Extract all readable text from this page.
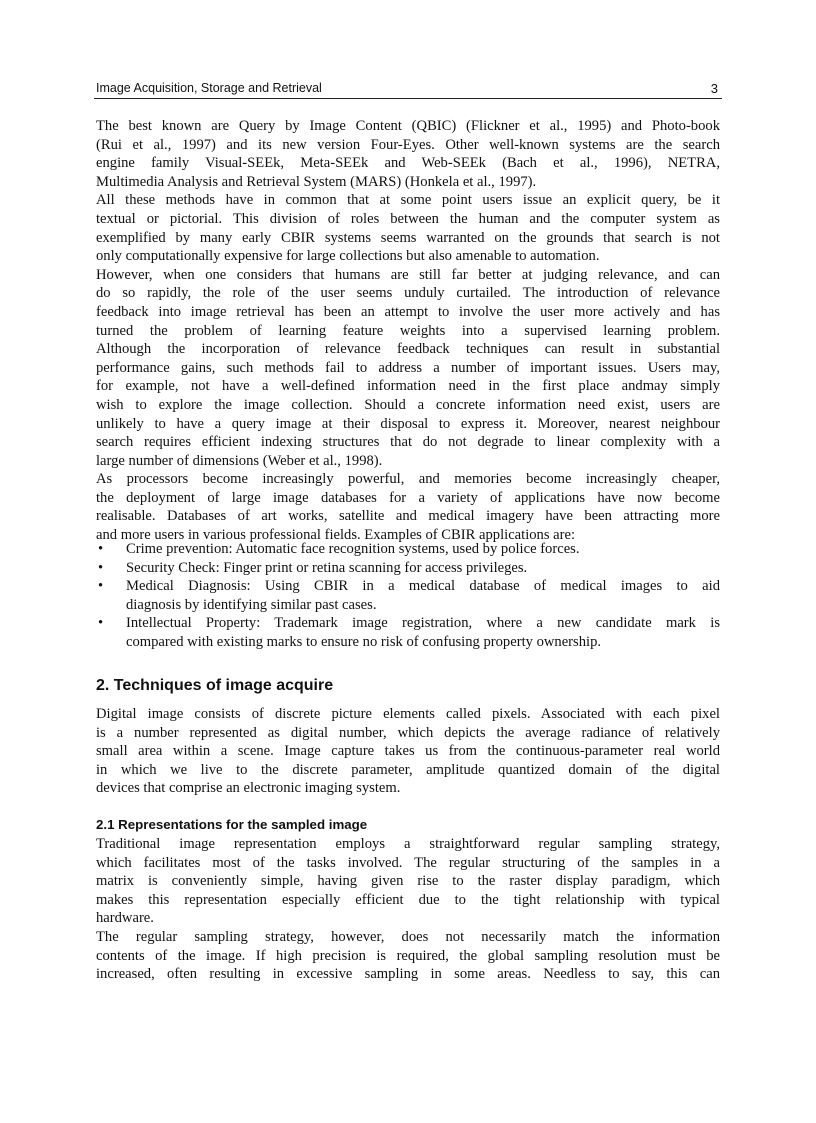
Image Acquisition, Storage and Retrieval	3
The best known are Query by Image Content (QBIC) (Flickner et al., 1995) and Photo-book
(Rui et al., 1997) and its new version Four-Eyes. Other well-known systems are the search
engine family Visual-SEEk, Meta-SEEk and Web-SEEk (Bach et al., 1996), NETRA,
Multimedia Analysis and Retrieval System (MARS) (Honkela et al., 1997).
All these methods have in common that at some point users issue an explicit query, be it
textual or pictorial. This division of roles between the human and the computer system as
exemplified by many early CBIR systems seems warranted on the grounds that search is not
only computationally expensive for large collections but also amenable to automation.
However, when one considers that humans are still far better at judging relevance, and can
do so rapidly, the role of the user seems unduly curtailed. The introduction of relevance
feedback into image retrieval has been an attempt to involve the user more actively and has
turned the problem of learning feature weights into a supervised learning problem.
Although the incorporation of relevance feedback techniques can result in substantial
performance gains, such methods fail to address a number of important issues. Users may,
for example, not have a well-defined information need in the first place andmay simply
wish to explore the image collection. Should a concrete information need exist, users are
unlikely to have a query image at their disposal to express it. Moreover, nearest neighbour
search requires efficient indexing structures that do not degrade to linear complexity with a
large number of dimensions (Weber et al., 1998).
As processors become increasingly powerful, and memories become increasingly cheaper,
the deployment of large image databases for a variety of applications have now become
realisable. Databases of art works, satellite and medical imagery have been attracting more
and more users in various professional fields. Examples of CBIR applications are:
• Crime prevention: Automatic face recognition systems, used by police forces.
• Security Check: Finger print or retina scanning for access privileges.
• Medical Diagnosis: Using CBIR in a medical database of medical images to aid
diagnosis by identifying similar past cases.
• Intellectual Property: Trademark image registration, where a new candidate mark is
compared with existing marks to ensure no risk of confusing property ownership.
2. Techniques of image acquire
Digital image consists of discrete picture elements called pixels. Associated with each pixel
is a number represented as digital number, which depicts the average radiance of relatively
small area within a scene. Image capture takes us from the continuous-parameter real world
in which we live to the discrete parameter, amplitude quantized domain of the digital
devices that comprise an electronic imaging system.
2.1 Representations for the sampled image
Traditional image representation employs a straightforward regular sampling strategy,
which facilitates most of the tasks involved. The regular structuring of the samples in a
matrix is conveniently simple, having given rise to the raster display paradigm, which
makes this representation especially efficient due to the tight relationship with typical
hardware.
The regular sampling strategy, however, does not necessarily match the information
contents of the image. If high precision is required, the global sampling resolution must be
increased, often resulting in excessive sampling in some areas. Needless to say, this can
